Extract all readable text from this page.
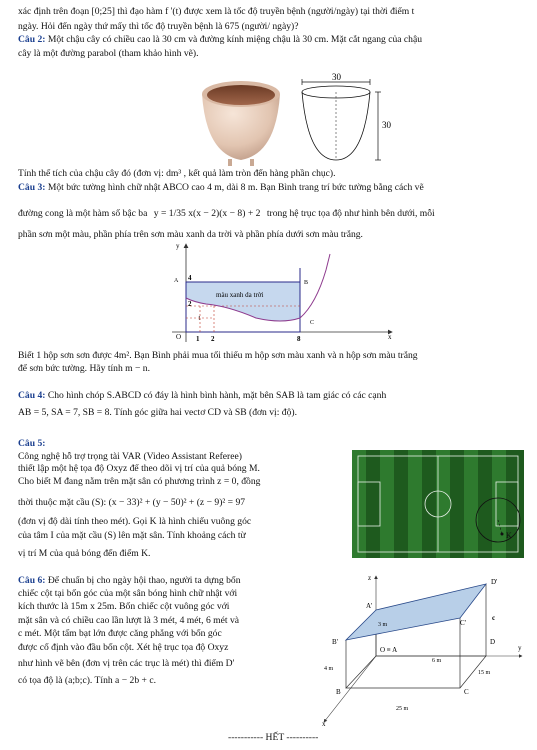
xác định trên đoạn [0;25] thì đạo hàm f '(t) được xem là tốc độ truyền bệnh (người/ngày) tại thời điểm t
ngày. Hỏi đến ngày thứ mấy thì tốc độ truyền bệnh là 675 (người/ ngày)?
Câu 2: Một chậu cây có chiều cao là 30 cm và đường kính miệng chậu là 30 cm. Mặt cắt ngang của chậu
cây là một đường parabol (tham khảo hình vẽ).
30
30
Tính thể tích của chậu cây đó (đơn vị: dm³ , kết quả làm tròn đến hàng phần chục).
Câu 3: Một bức tường hình chữ nhật ABCO cao 4 m, dài 8 m. Bạn Bình trang trí bức tường bằng cách vẽ
đường cong là một hàm số bậc ba y = 1/35 x(x − 2)(x − 8) + 2 trong hệ trục tọa độ như hình bên dưới, mỗi
phần sơn một màu, phần phía trên sơn màu xanh da trời và phần phía dưới sơn màu trắng.
y
x
O
A	B
C
4
2
1
1 2	8
màu xanh da trời
Biết 1 hộp sơn sơn được 4m². Bạn Bình phải mua tối thiểu m hộp sơn màu xanh và n hộp sơn màu trắng
để sơn bức tường. Hãy tính m − n.
Câu 4: Cho hình chóp S.ABCD có đáy là hình bình hành, mặt bên SAB là tam giác có các cạnh
AB = 5, SA = 7, SB = 8. Tính góc giữa hai vectơ CD và SB (đơn vị: độ).
Câu 5:
Công nghệ hỗ trợ trọng tài VAR (Video Assistant Referee)
thiết lập một hệ tọa độ Oxyz để theo dõi vị trí của quả bóng M.
Cho biết M đang nằm trên mặt sân có phương trình z = 0, đồng
thời thuộc mặt cầu (S): (x − 33)² + (y − 50)² + (z − 9)² = 97
(đơn vị độ dài tính theo mét). Gọi K là hình chiếu vuông góc
của tâm I của mặt cầu (S) lên mặt sân. Tính khoảng cách từ
vị trí M của quả bóng đến điểm K.
K
Câu 6: Để chuẩn bị cho ngày hội thao, người ta dựng bốn
chiếc cột tại bốn góc của một sân bóng hình chữ nhật với
kích thước là 15m x 25m. Bốn chiếc cột vuông góc với
mặt sân và có chiều cao lần lượt là 3 mét, 4 mét, 6 mét và
c mét. Một tấm bạt lớn được căng phẳng với bốn góc
được cố định vào đầu bốn cột. Xét hệ trục tọa độ Oxyz
như hình vẽ bên (đơn vị trên các trục là mét) thì điểm D'
có tọa độ là (a;b;c). Tính a − 2b + c.
z
y
x
D'
A'
C'
B'	D
C
B
O ≡ A
c
3 m
6 m
4 m
15 m
25 m
----------- HẾT ----------
